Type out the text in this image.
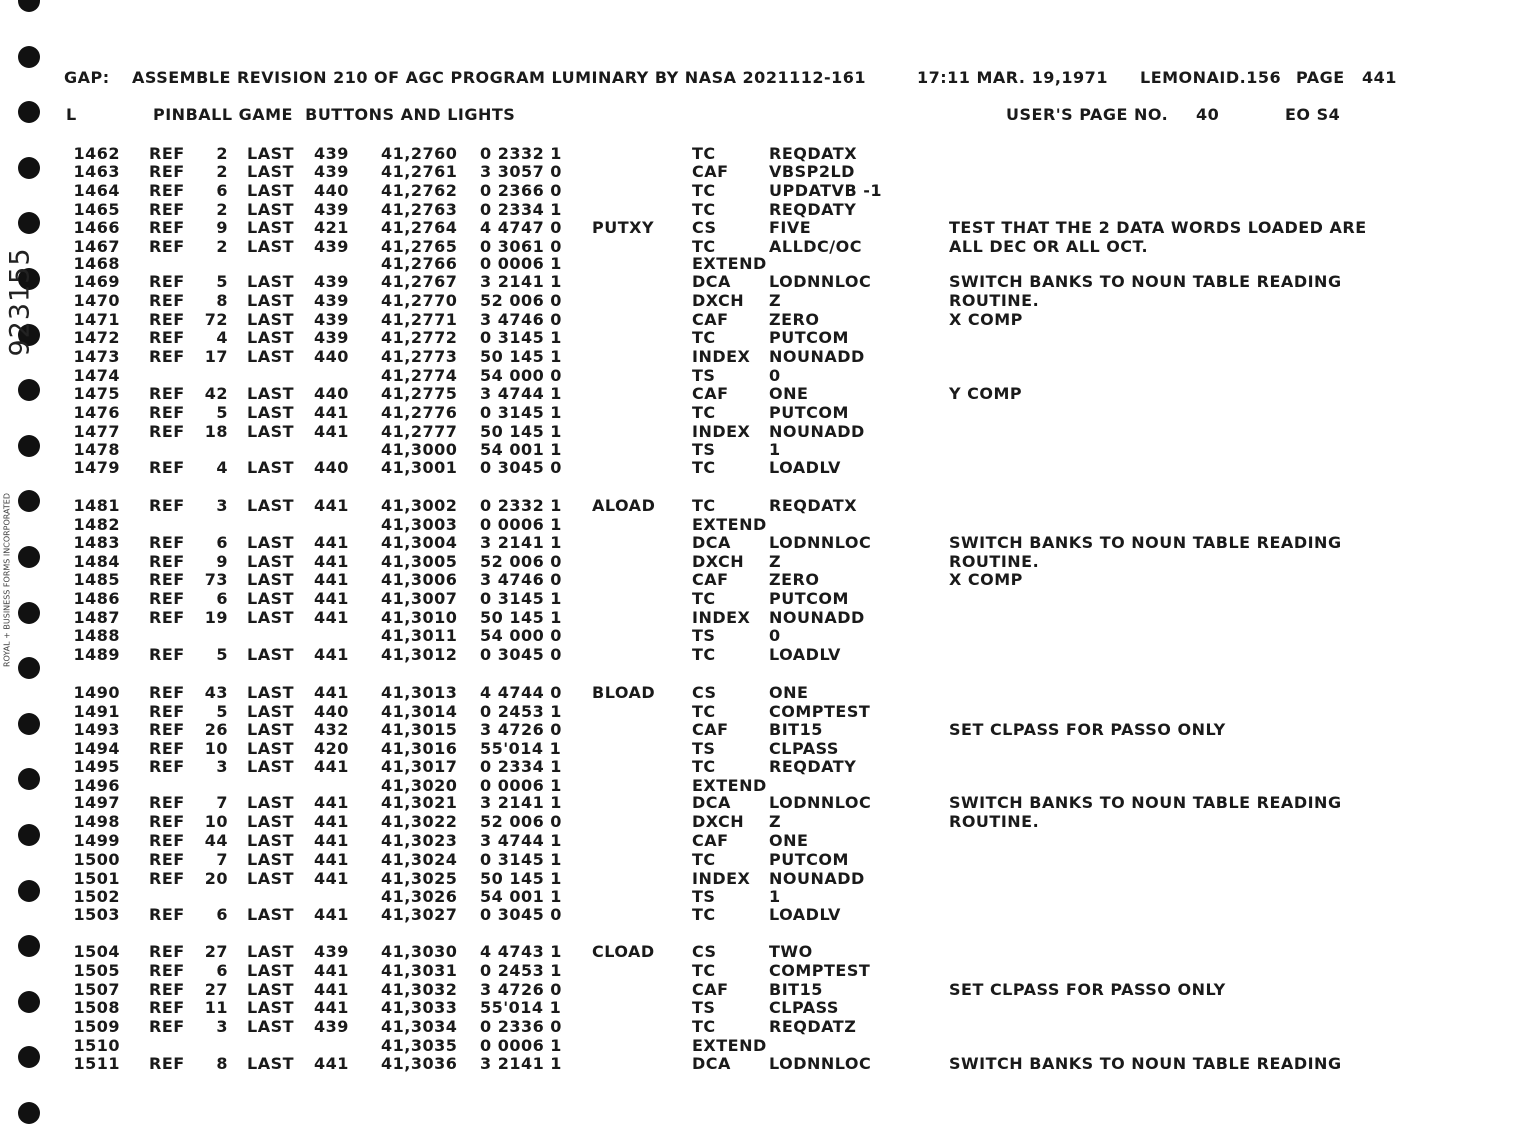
923155
ROYAL + BUSINESS FORMS INCORPORATED
GAP: ASSEMBLE REVISION 210 OF AGC PROGRAM LUMINARY BY NASA 2021112-161	17:11 MAR. 19,1971 LEMONAID.156 PAGE 441
L	PINBALL GAME  BUTTONS AND LIGHTS	USER'S PAGE NO. 40	EO S4
1462 REF	2 LAST 439 41,2760 0 2332 1	TC	REQDATX
1463 REF	2 LAST 439 41,2761 3 3057 0	CAF	VBSP2LD
1464 REF	6 LAST 440 41,2762 0 2366 0	TC	UPDATVB -1
1465 REF	2 LAST 439 41,2763 0 2334 1	TC	REQDATY
1466 REF	9 LAST 421 41,2764 4 4747 0 PUTXY CS	FIVE	TEST THAT THE 2 DATA WORDS LOADED ARE
1467 REF	2 LAST 439 41,2765 0 3061 0	TC	ALLDC/OC	ALL DEC OR ALL OCT.
1468	41,2766 0 0006 1	EXTEND
1469 REF	5 LAST 439 41,2767 3 2141 1	DCA LODNNLOC	SWITCH BANKS TO NOUN TABLE READING
1470 REF	8 LAST 439 41,2770 52 006 0	DXCH Z	ROUTINE.
1471 REF	72 LAST 439 41,2771 3 4746 0	CAF	ZERO	X COMP
1472 REF	4 LAST 439 41,2772 0 3145 1	TC	PUTCOM
1473 REF	17 LAST 440 41,2773 50 145 1	INDEX NOUNADD
1474	41,2774 54 000 0	TS	0
1475 REF	42 LAST 440 41,2775 3 4744 1	CAF	ONE	Y COMP
1476 REF	5 LAST 441 41,2776 0 3145 1	TC	PUTCOM
1477 REF	18 LAST 441 41,2777 50 145 1	INDEX NOUNADD
1478	41,3000 54 001 1	TS	1
1479 REF	4 LAST 440 41,3001 0 3045 0	TC	LOADLV
1481 REF	3 LAST 441 41,3002 0 2332 1 ALOAD TC	REQDATX
1482	41,3003 0 0006 1	EXTEND
1483 REF	6 LAST 441 41,3004 3 2141 1	DCA LODNNLOC	SWITCH BANKS TO NOUN TABLE READING
1484 REF	9 LAST 441 41,3005 52 006 0	DXCH Z	ROUTINE.
1485 REF	73 LAST 441 41,3006 3 4746 0	CAF	ZERO	X COMP
1486 REF	6 LAST 441 41,3007 0 3145 1	TC	PUTCOM
1487 REF	19 LAST 441 41,3010 50 145 1	INDEX NOUNADD
1488	41,3011 54 000 0	TS	0
1489 REF	5 LAST 441 41,3012 0 3045 0	TC	LOADLV
1490 REF	43 LAST 441 41,3013 4 4744 0 BLOAD CS	ONE
1491 REF	5 LAST 440 41,3014 0 2453 1	TC	COMPTEST
1493 REF	26 LAST 432 41,3015 3 4726 0	CAF	BIT15	SET CLPASS FOR PASSO ONLY
1494 REF	10 LAST 420 41,3016 55'014 1	TS	CLPASS
1495 REF	3 LAST 441 41,3017 0 2334 1	TC	REQDATY
1496	41,3020 0 0006 1	EXTEND
1497 REF	7 LAST 441 41,3021 3 2141 1	DCA LODNNLOC	SWITCH BANKS TO NOUN TABLE READING
1498 REF	10 LAST 441 41,3022 52 006 0	DXCH Z	ROUTINE.
1499 REF	44 LAST 441 41,3023 3 4744 1	CAF	ONE
1500 REF	7 LAST 441 41,3024 0 3145 1	TC	PUTCOM
1501 REF	20 LAST 441 41,3025 50 145 1	INDEX NOUNADD
1502	41,3026 54 001 1	TS	1
1503 REF	6 LAST 441 41,3027 0 3045 0	TC	LOADLV
1504 REF	27 LAST 439 41,3030 4 4743 1 CLOAD CS	TWO
1505 REF	6 LAST 441 41,3031 0 2453 1	TC	COMPTEST
1507 REF	27 LAST 441 41,3032 3 4726 0	CAF	BIT15	SET CLPASS FOR PASSO ONLY
1508 REF	11 LAST 441 41,3033 55'014 1	TS	CLPASS
1509 REF	3 LAST 439 41,3034 0 2336 0	TC	REQDATZ
1510	41,3035 0 0006 1	EXTEND
1511 REF	8 LAST 441 41,3036 3 2141 1	DCA LODNNLOC	SWITCH BANKS TO NOUN TABLE READING
